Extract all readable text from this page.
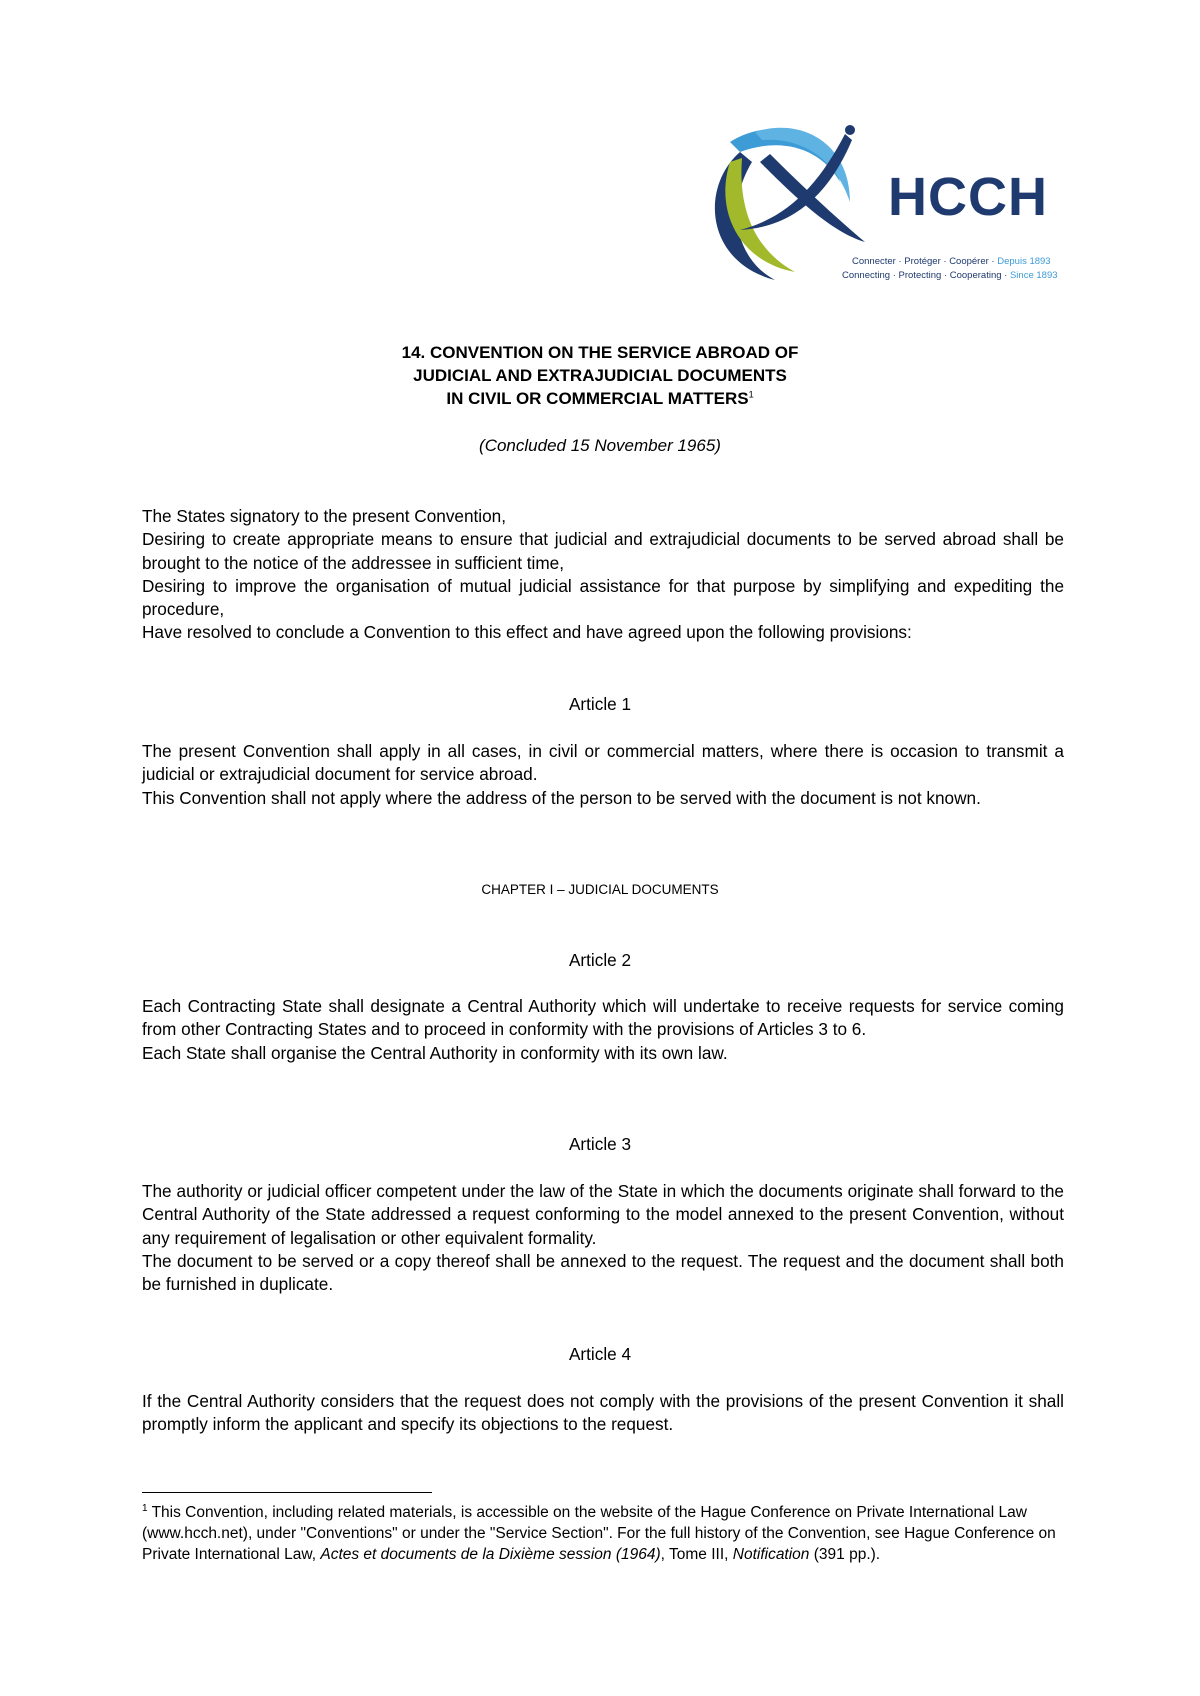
HCCH
Connecter · Protéger · Coopérer · Depuis 1893
Connecting · Protecting · Cooperating · Since 1893
14. CONVENTION ON THE SERVICE ABROAD OF
JUDICIAL AND EXTRAJUDICIAL DOCUMENTS
IN CIVIL OR COMMERCIAL MATTERS$^1$
(Concluded 15 November 1965)

The States signatory to the present Convention,

Desiring to create appropriate means to ensure that judicial and extrajudicial documents to be served abroad shall be brought to the notice of the addressee in sufficient time,

Desiring to improve the organisation of mutual judicial assistance for that purpose by simplifying and expediting the procedure,

Have resolved to conclude a Convention to this effect and have agreed upon the following provisions:

Article 1

The present Convention shall apply in all cases, in civil or commercial matters, where there is occasion to transmit a judicial or extrajudicial document for service abroad.

This Convention shall not apply where the address of the person to be served with the document is not known.

CHAPTER I – JUDICIAL DOCUMENTS
Article 2

Each Contracting State shall designate a Central Authority which will undertake to receive requests for service coming from other Contracting States and to proceed in conformity with the provisions of Articles 3 to 6.

Each State shall organise the Central Authority in conformity with its own law.

Article 3

The authority or judicial officer competent under the law of the State in which the documents originate shall forward to the Central Authority of the State addressed a request conforming to the model annexed to the present Convention, without any requirement of legalisation or other equivalent formality.

The document to be served or a copy thereof shall be annexed to the request. The request and the document shall both be furnished in duplicate.

Article 4

If the Central Authority considers that the request does not comply with the provisions of the present Convention it shall promptly inform the applicant and specify its objections to the request.

$^1$ This Convention, including related materials, is accessible on the website of the Hague Conference on Private International Law (www.hcch.net), under "Conventions" or under the "Service Section". For the full history of the Convention, see Hague Conference on Private International Law, Actes et documents de la Dixième session (1964), Tome III, Notification (391 pp.).
